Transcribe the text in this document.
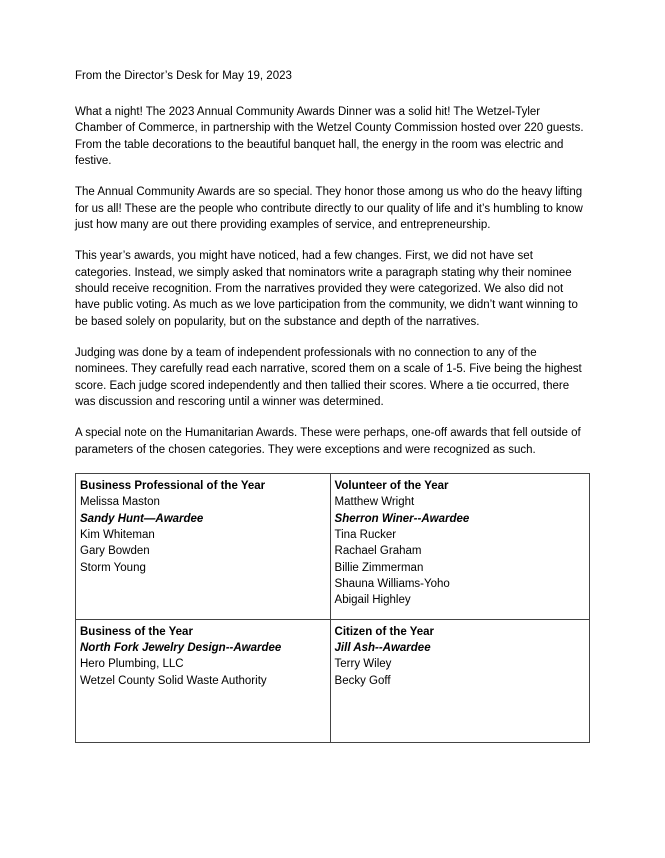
From the Director’s Desk for May 19, 2023

What a night! The 2023 Annual Community Awards Dinner was a solid hit! The Wetzel-Tyler Chamber of Commerce, in partnership with the Wetzel County Commission hosted over 220 guests. From the table decorations to the beautiful banquet hall, the energy in the room was electric and festive.

The Annual Community Awards are so special. They honor those among us who do the heavy lifting for us all! These are the people who contribute directly to our quality of life and it’s humbling to know just how many are out there providing examples of service, and entrepreneurship.

This year’s awards, you might have noticed, had a few changes. First, we did not have set categories. Instead, we simply asked that nominators write a paragraph stating why their nominee should receive recognition. From the narratives provided they were categorized. We also did not have public voting. As much as we love participation from the community, we didn’t want winning to be based solely on popularity, but on the substance and depth of the narratives.

Judging was done by a team of independent professionals with no connection to any of the nominees. They carefully read each narrative, scored them on a scale of 1-5. Five being the highest score. Each judge scored independently and then tallied their scores. Where a tie occurred, there was discussion and rescoring until a winner was determined.

A special note on the Humanitarian Awards. These were perhaps, one-off awards that fell outside of parameters of the chosen categories. They were exceptions and were recognized as such.

Business Professional of the Year
Melissa Maston
Sandy Hunt—Awardee
Kim Whiteman
Gary Bowden
Storm Young

Volunteer of the Year
Matthew Wright
Sherron Winer--Awardee
Tina Rucker
Rachael Graham
Billie Zimmerman
Shauna Williams-Yoho
Abigail Highley

Business of the Year
North Fork Jewelry Design--Awardee
Hero Plumbing, LLC
Wetzel County Solid Waste Authority

Citizen of the Year
Jill Ash--Awardee
Terry Wiley
Becky Goff
